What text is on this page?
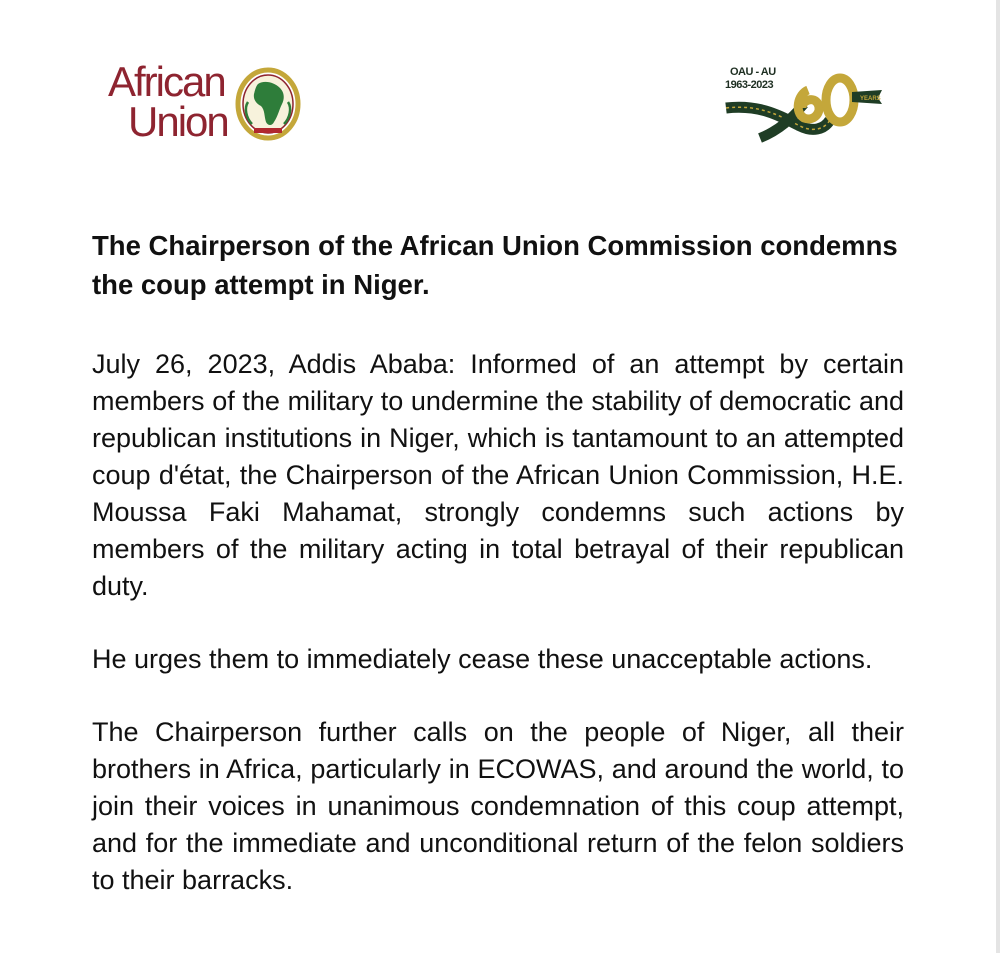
African
Union	YEARS
60
OAU - AU
1963-2023
The Chairperson of the African Union Commission condemns the coup attempt in Niger.

July 26, 2023, Addis Ababa: Informed of an attempt by certain members of the military to undermine the stability of democratic and republican institutions in Niger, which is tantamount to an attempted coup d'état, the Chairperson of the African Union Commission, H.E. Moussa Faki Mahamat, strongly condemns such actions by members of the military acting in total betrayal of their republican duty.

He urges them to immediately cease these unacceptable actions.

The Chairperson further calls on the people of Niger, all their brothers in Africa, particularly in ECOWAS, and around the world, to join their voices in unanimous condemnation of this coup attempt, and for the immediate and unconditional return of the felon soldiers to their barracks.
